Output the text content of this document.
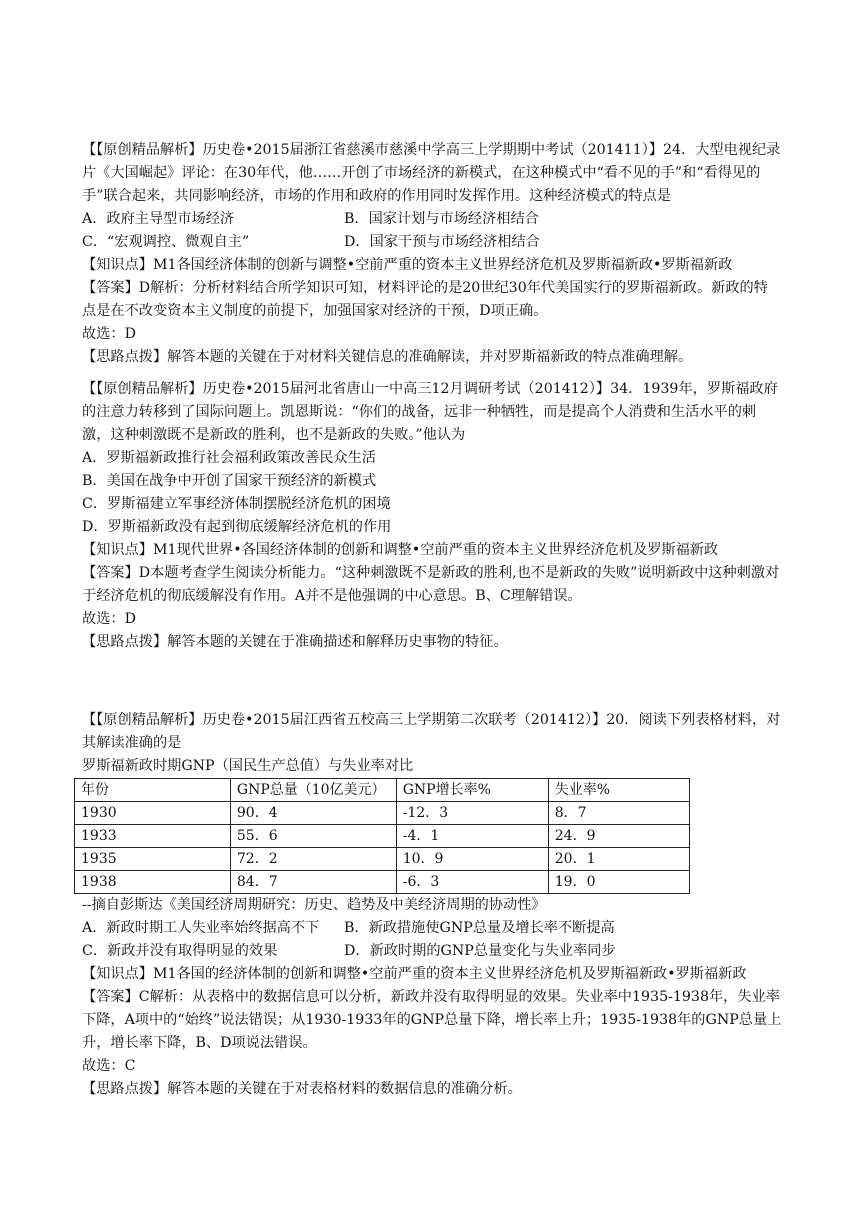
【【原创精品解析】历史卷•2015届浙江省慈溪市慈溪中学高三上学期期中考试（201411）】24．大型电视纪录片《大国崛起》评论：在30年代，他……开创了市场经济的新模式，在这种模式中“看不见的手”和“看得见的手”联合起来，共同影响经济，市场的作用和政府的作用同时发挥作用。这种经济模式的特点是
A．政府主导型市场经济	B．国家计划与市场经济相结合
C．“宏观调控、微观自主”	D．国家干预与市场经济相结合
【知识点】M1各国经济体制的创新与调整•空前严重的资本主义世界经济危机及罗斯福新政•罗斯福新政
【答案】D解析：分析材料结合所学知识可知，材料评论的是20世纪30年代美国实行的罗斯福新政。新政的特点是在不改变资本主义制度的前提下，加强国家对经济的干预，D项正确。
故选：D
【思路点拨】解答本题的关键在于对材料关键信息的准确解读，并对罗斯福新政的特点准确理解。
【【原创精品解析】历史卷•2015届河北省唐山一中高三12月调研考试（201412）】34．1939年，罗斯福政府的注意力转移到了国际问题上。凯恩斯说：“你们的战备，远非一种牺牲，而是提高个人消费和生活水平的刺激，这种刺激既不是新政的胜利，也不是新政的失败。”他认为
A．罗斯福新政推行社会福利政策改善民众生活
B．美国在战争中开创了国家干预经济的新模式
C．罗斯福建立军事经济体制摆脱经济危机的困境
D．罗斯福新政没有起到彻底缓解经济危机的作用
【知识点】M1现代世界•各国经济体制的创新和调整•空前严重的资本主义世界经济危机及罗斯福新政
【答案】D本题考查学生阅读分析能力。“这种刺激既不是新政的胜利,也不是新政的失败”说明新政中这种刺激对于经济危机的彻底缓解没有作用。A并不是他强调的中心意思。B、C理解错误。
故选：D
【思路点拨】解答本题的关键在于准确描述和解释历史事物的特征。
【【原创精品解析】历史卷•2015届江西省五校高三上学期第二次联考（201412）】20．阅读下列表格材料，对其解读准确的是
罗斯福新政时期GNP（国民生产总值）与失业率对比
年份	GNP总量（10亿美元）	GNP增长率%	失业率%
1930	90．4	-12．3	8．7
1933	55．6	-4．1	24．9
1935	72．2	10．9	20．1
1938	84．7	-6．3	19．0
--摘自彭斯达《美国经济周期研究：历史、趋势及中美经济周期的协动性》
A．新政时期工人失业率始终据高不下	B．新政措施使GNP总量及增长率不断提高
C．新政并没有取得明显的效果	D．新政时期的GNP总量变化与失业率同步
【知识点】M1各国的经济体制的创新和调整•空前严重的资本主义世界经济危机及罗斯福新政•罗斯福新政
【答案】C解析：从表格中的数据信息可以分析，新政并没有取得明显的效果。失业率中1935-1938年，失业率下降，A项中的“始终”说法错误；从1930-1933年的GNP总量下降，增长率上升；1935-1938年的GNP总量上升，增长率下降，B、D项说法错误。
故选：C
【思路点拨】解答本题的关键在于对表格材料的数据信息的准确分析。
